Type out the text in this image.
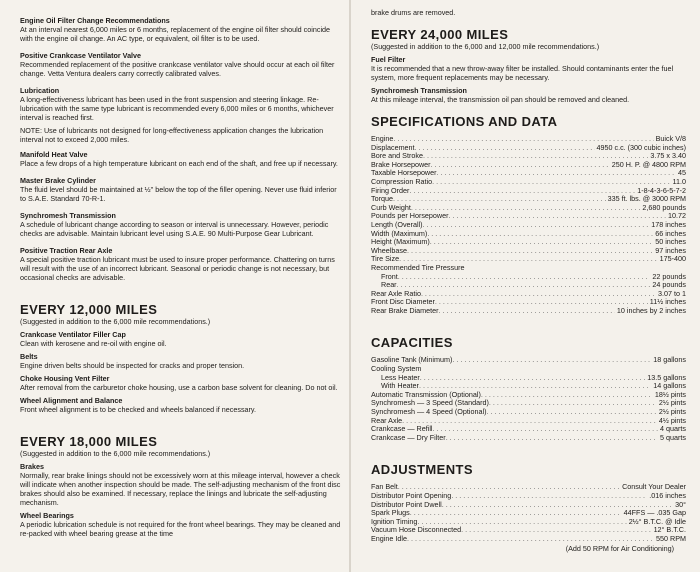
Engine Oil Filter Change Recommendations

At an interval nearest 6,000 miles or 6 months, replacement of the engine oil filter should coincide with the engine oil change. An AC type, or equivalent, oil filter is to be used.

Positive Crankcase Ventilator Valve

Recommended replacement of the positive crankcase ventilator valve should occur at each oil filter change. Vetta Ventura dealers carry correctly calibrated valves.

Lubrication

A long-effectiveness lubricant has been used in the front suspension and steering linkage. Re-lubrication with the same type lubricant is recommended every 6,000 miles or 6 months, whichever interval is reached first.

NOTE: Use of lubricants not designed for long-effectiveness application changes the lubrication interval not to exceed 2,000 miles.

Manifold Heat Valve

Place a few drops of a high temperature lubricant on each end of the shaft, and free up if necessary.

Master Brake Cylinder

The fluid level should be maintained at ½" below the top of the filler opening. Never use fluid inferior to S.A.E. Standard 70-R-1.

Synchromesh Transmission

A schedule of lubricant change according to season or interval is unnecessary. However, periodic checks are advisable. Maintain lubricant level using S.A.E. 90 Multi-Purpose Gear Lubricant.

Positive Traction Rear Axle

A special positive traction lubricant must be used to insure proper performance. Chattering on turns will result with the use of an incorrect lubricant. Seasonal or periodic change is not necessary, but occasional checks are advisable.

EVERY 12,000 MILES

(Suggested in addition to the 6,000 mile recommendations.)

Crankcase Ventilator Filler Cap

Clean with kerosene and re-oil with engine oil.

Belts

Engine driven belts should be inspected for cracks and proper tension.

Choke Housing Vent Filter

After removal from the carburetor choke housing, use a carbon base solvent for cleaning. Do not oil.

Wheel Alignment and Balance

Front wheel alignment is to be checked and wheels balanced if necessary.

EVERY 18,000 MILES

(Suggested in addition to the 6,000 mile recommendations.)

Brakes

Normally, rear brake linings should not be excessively worn at this mileage interval, however a check will indicate when another inspection should be made. The self-adjusting mechanism of the front disc brakes should also be examined. If necessary, replace the linings and lubricate the self-adjusting mechanism.

Wheel Bearings

A periodic lubrication schedule is not required for the front wheel bearings. They may be cleaned and re-packed with wheel bearing grease at the time

brake drums are removed.

EVERY 24,000 MILES

(Suggested in addition to the 6,000 and 12,000 mile recommendations.)

Fuel Filter

It is recommended that a new throw-away filter be installed. Should contaminants enter the fuel system, more frequent replacements may be necessary.

Synchromesh Transmission

At this mileage interval, the transmission oil pan should be removed and cleaned.

SPECIFICATIONS AND DATA

Engine . . .	Buick V/8
Displacement . . .	4950 c.c. (300 cubic inches)
Bore and Stroke . . .	3.75 x 3.40
Brake Horsepower . . .	250 H. P. @ 4800 RPM
Taxable Horsepower . . .	45
Compression Ratio . . .	11.0
Firing Order . . .	1-8-4-3-6-5-7-2
Torque . . .	335 ft. lbs. @ 3000 RPM
Curb Weight . . .	2,680 pounds
Pounds per Horsepower . . .	10.72
Length (Overall) . . .	178 inches
Width (Maximum) . . .	66 inches
Height (Maximum) . . .	50 inches
Wheelbase . . .	97 inches
Tire Size . . .	175-400
Recommended Tire Pressure
Front . . .	22 pounds
Rear . . .	24 pounds
Rear Axle Ratio . . .	3.07 to 1
Front Disc Diameter . . .	11½ inches
Rear Brake Diameter . . .	10 inches by 2 inches

CAPACITIES

Gasoline Tank (Minimum) . . .	18 gallons
Cooling System
Less Heater . . .	13.5 gallons
With Heater . . .	14 gallons
Automatic Transmission (Optional) . . .	18½ pints
Synchromesh — 3 Speed (Standard) . . .	2½ pints
Synchromesh — 4 Speed (Optional) . . .	2½ pints
Rear Axle . . .	4½ pints
Crankcase — Refill . . .	4 quarts
Crankcase — Dry Filter . . .	5 quarts

ADJUSTMENTS

Fan Belt . . .	Consult Your Dealer
Distributor Point Opening . . .	.016 inches
Distributor Point Dwell . . .	30°
Spark Plugs . . .	44FFS — .035 Gap
Ignition Timing . . .	2½° B.T.C. @ Idle
Vacuum Hose Disconnected . . .	12° B.T.C.
Engine Idle . . .	550 RPM

(Add 50 RPM for Air Conditioning)
